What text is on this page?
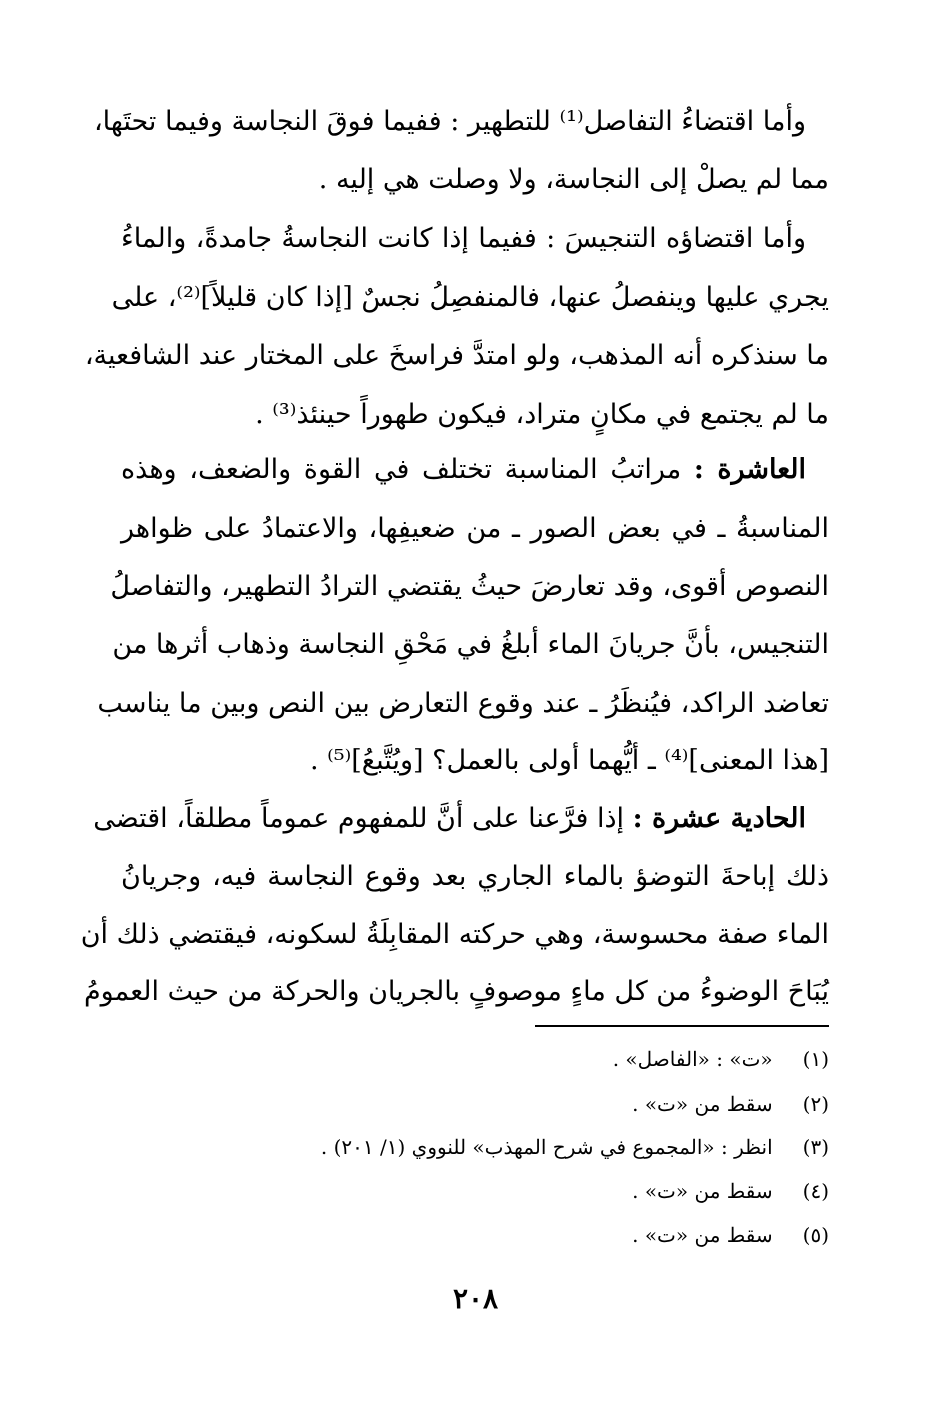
وأما اقتضاءُ التفاصل⁽¹⁾ للتطهير : ففيما فوقَ النجاسة وفيما تحتَها،
مما لم يصلْ إلى النجاسة، ولا وصلت هي إليه .
وأما اقتضاؤه التنجيسَ : ففيما إذا كانت النجاسةُ جامدةً، والماءُ
يجري عليها وينفصلُ عنها، فالمنفصِلُ نجسٌ [إذا كان قليلاً]⁽²⁾، على
ما سنذكره أنه المذهب، ولو امتدَّ فراسخَ على المختار عند الشافعية،
ما لم يجتمع في مكانٍ متراد، فيكون طهوراً حينئذ⁽³⁾ .
العاشرة : مراتبُ المناسبة تختلف في القوة والضعف، وهذه
المناسبةُ ـ في بعض الصور ـ من ضعيفِها، والاعتمادُ على ظواهر
النصوص أقوى، وقد تعارضَ حيثُ يقتضي الترادُ التطهير، والتفاصلُ
التنجيس، بأنَّ جريانَ الماء أبلغُ في مَحْقِ النجاسة وذهاب أثرها من
تعاضد الراكد، فيُنظَرُ ـ عند وقوع التعارض بين النص وبين ما يناسب
[هذا المعنى]⁽⁴⁾ ـ أيُّهما أولى بالعمل؟ [ويُتَّبعُ]⁽⁵⁾ .
الحادية عشرة : إذا فرَّعنا على أنَّ للمفهوم عموماً مطلقاً، اقتضى
ذلك إباحةَ التوضؤ بالماء الجاري بعد وقوع النجاسة فيه، وجريانُ
الماء صفة محسوسة، وهي حركته المقابِلَةُ لسكونه، فيقتضي ذلك أن
يُبَاحَ الوضوءُ من كل ماءٍ موصوفٍ بالجريان والحركة من حيث العمومُ
(١) «ت» : «الفاصل» .
(٢) سقط من «ت» .
(٣) انظر : «المجموع في شرح المهذب» للنووي (١/ ٢٠١) .
(٤) سقط من «ت» .
(٥) سقط من «ت» .
٢٠٨
